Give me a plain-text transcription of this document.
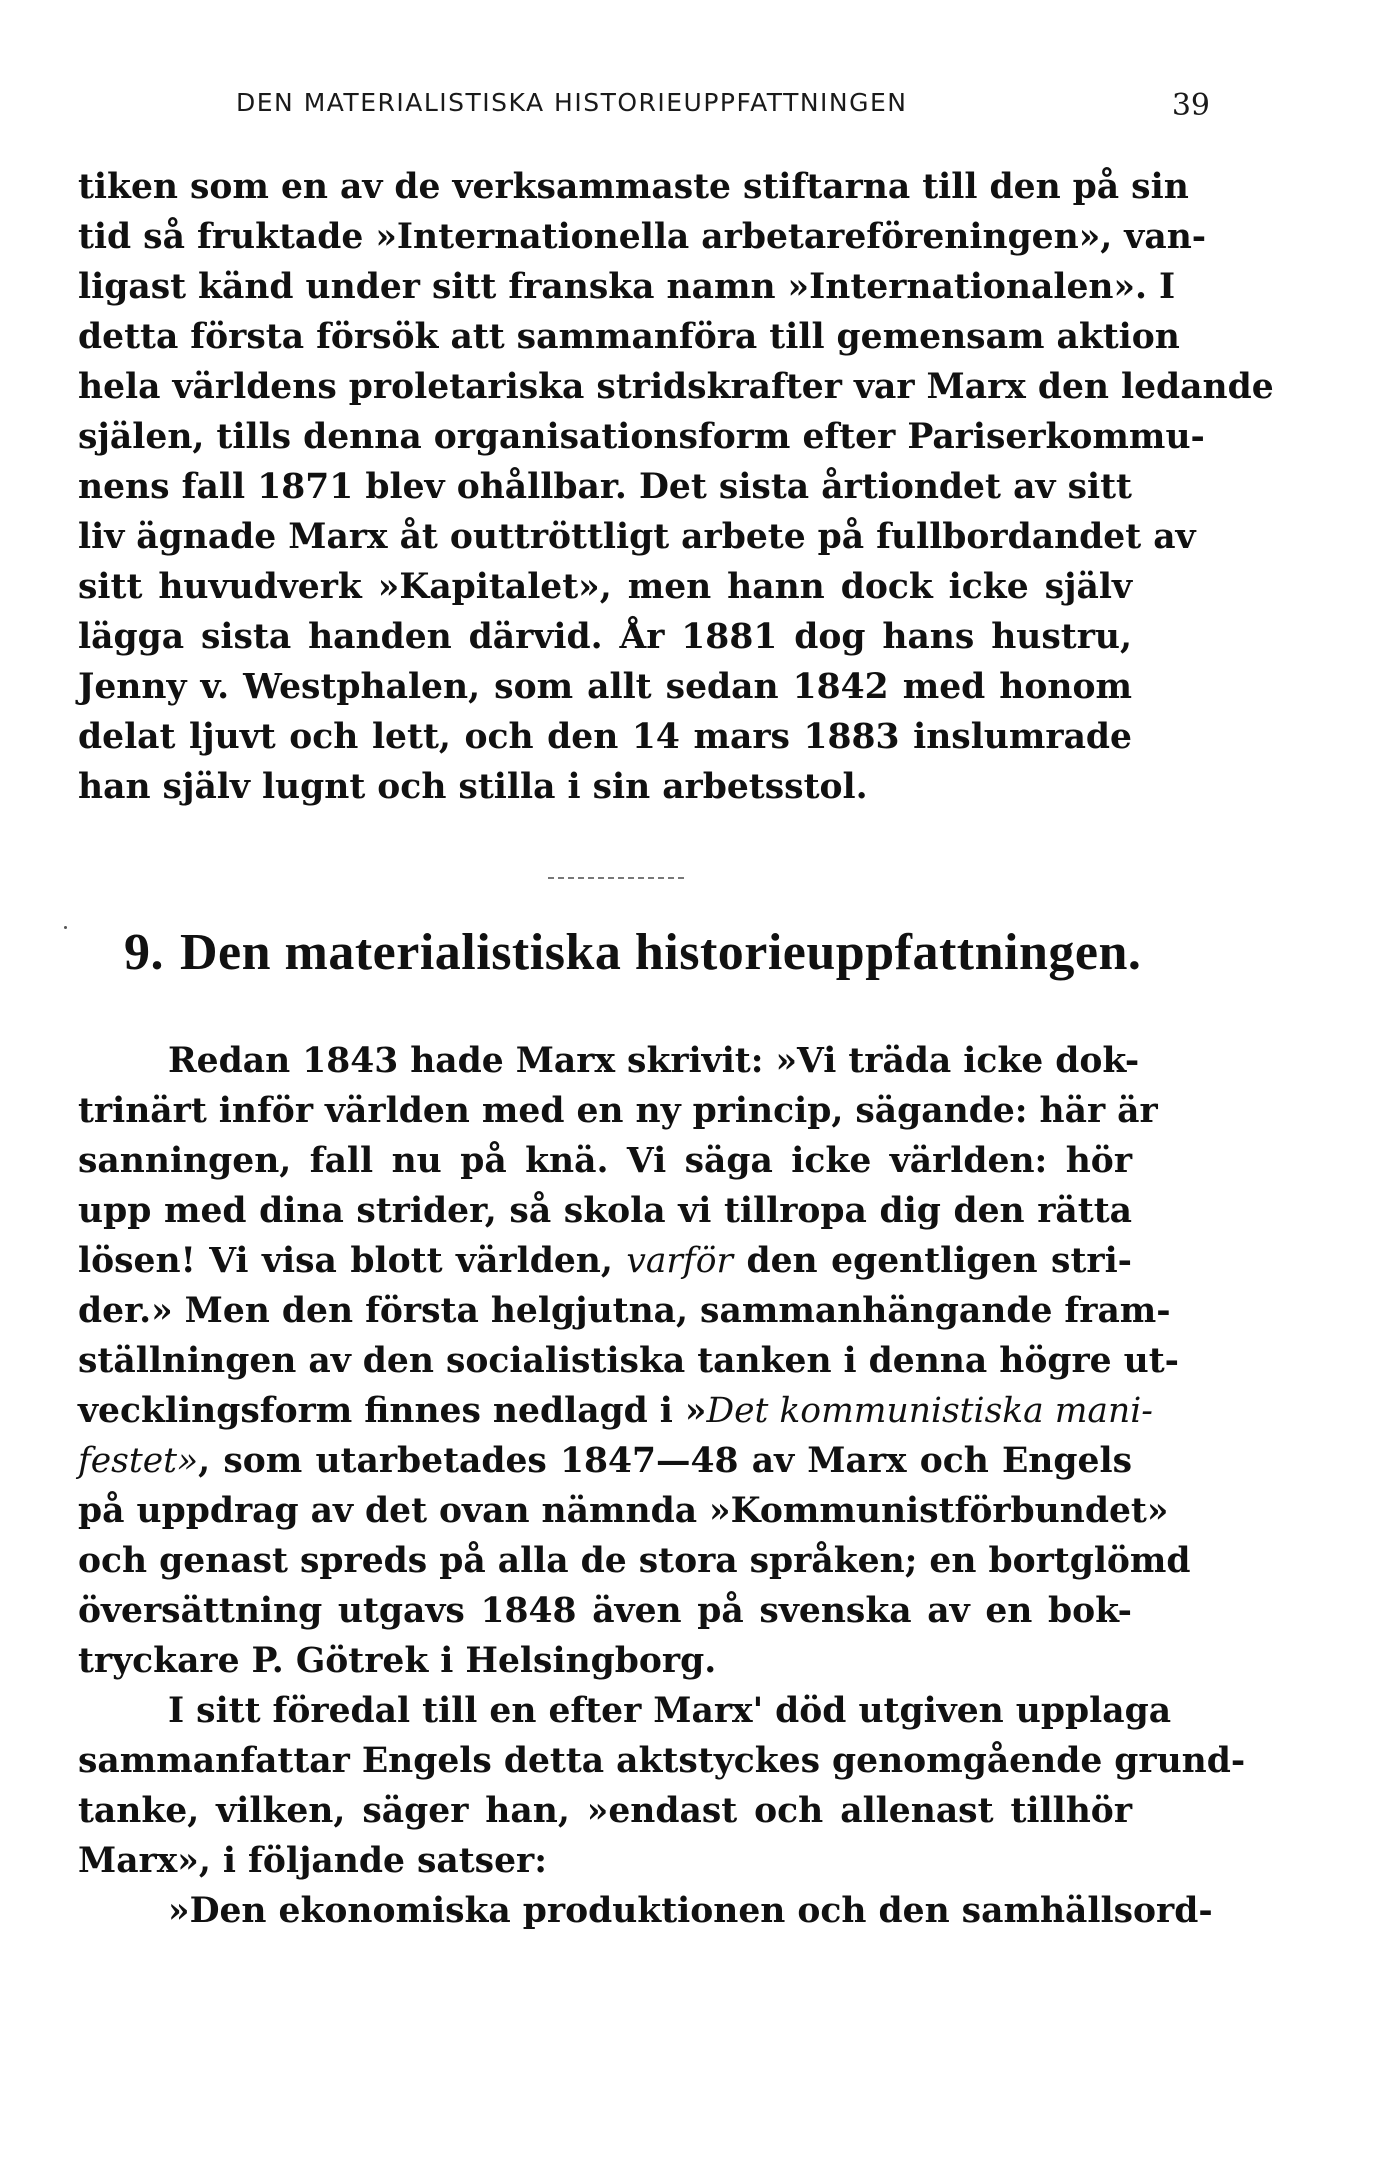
DEN MATERIALISTISKA HISTORIEUPPFATTNINGEN	39
tiken som en av de verksammaste stiftarna till den på sin
tid så fruktade »Internationella arbetareföreningen», van-
ligast känd under sitt franska namn »Internationalen». I
detta första försök att sammanföra till gemensam aktion
hela världens proletariska stridskrafter var Marx den ledande
själen, tills denna organisationsform efter Pariserkommu-
nens fall 1871 blev ohållbar. Det sista årtiondet av sitt
liv ägnade Marx åt outtröttligt arbete på fullbordandet av
sitt huvudverk »Kapitalet», men hann dock icke själv
lägga sista handen därvid. År 1881 dog hans hustru,
Jenny v. Westphalen, som allt sedan 1842 med honom
delat ljuvt och lett, och den 14 mars 1883 inslumrade
han själv lugnt och stilla i sin arbetsstol.
9. Den materialistiska historieuppfattningen.
Redan 1843 hade Marx skrivit: »Vi träda icke dok-
trinärt inför världen med en ny princip, sägande: här är
sanningen, fall nu på knä. Vi säga icke världen: hör
upp med dina strider, så skola vi tillropa dig den rätta
lösen! Vi visa blott världen, varför den egentligen stri-
der.» Men den första helgjutna, sammanhängande fram-
ställningen av den socialistiska tanken i denna högre ut-
vecklingsform finnes nedlagd i »Det kommunistiska mani-
festet», som utarbetades 1847—48 av Marx och Engels
på uppdrag av det ovan nämnda »Kommunistförbundet»
och genast spreds på alla de stora språken; en bortglömd
översättning utgavs 1848 även på svenska av en bok-
tryckare P. Götrek i Helsingborg.
I sitt föredal till en efter Marx' död utgiven upplaga
sammanfattar Engels detta aktstyckes genomgående grund-
tanke, vilken, säger han, »endast och allenast tillhör
Marx», i följande satser:
»Den ekonomiska produktionen och den samhällsord-
